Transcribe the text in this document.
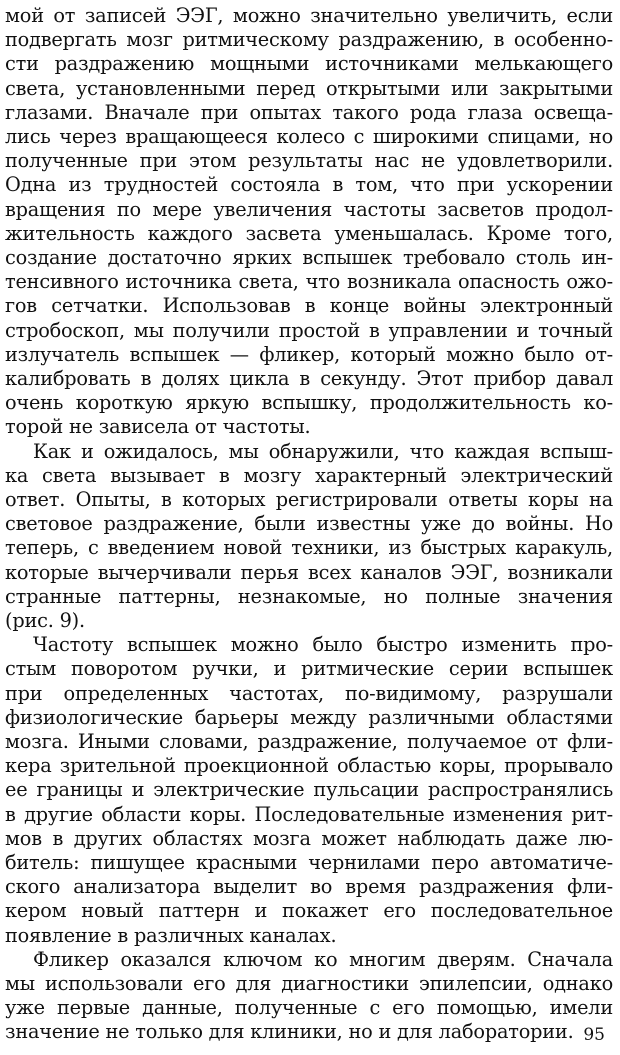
95
мой от записей ЭЭГ, можно значительно увеличить, если
подвергать мозг ритмическому раздражению, в особенно-
сти раздражению мощными источниками мелькающего
света, установленными перед открытыми или закрытыми
глазами. Вначале при опытах такого рода глаза освеща-
лись через вращающееся колесо с широкими спицами, но
полученные при этом результаты нас не удовлетворили.
Одна из трудностей состояла в том, что при ускорении
вращения по мере увеличения частоты засветов продол-
жительность каждого засвета уменьшалась. Кроме того,
создание достаточно ярких вспышек требовало столь ин-
тенсивного источника света, что возникала опасность ожо-
гов сетчатки. Использовав в конце войны электронный
стробоскоп, мы получили простой в управлении и точный
излучатель вспышек — фликер, который можно было от-
калибровать в долях цикла в секунду. Этот прибор давал
очень короткую яркую вспышку, продолжительность ко-
торой не зависела от частоты.
Как и ожидалось, мы обнаружили, что каждая вспыш-
ка света вызывает в мозгу характерный электрический
ответ. Опыты, в которых регистрировали ответы коры на
световое раздражение, были известны уже до войны. Но
теперь, с введением новой техники, из быстрых каракуль,
которые вычерчивали перья всех каналов ЭЭГ, возникали
странные паттерны, незнакомые, но полные значения
(рис. 9).
Частоту вспышек можно было быстро изменить про-
стым поворотом ручки, и ритмические серии вспышек
при определенных частотах, по-видимому, разрушали
физиологические барьеры между различными областями
мозга. Иными словами, раздражение, получаемое от фли-
кера зрительной проекционной областью коры, прорывало
ее границы и электрические пульсации распространялись
в другие области коры. Последовательные изменения рит-
мов в других областях мозга может наблюдать даже лю-
битель: пишущее красными чернилами перо автоматиче-
ского анализатора выделит во время раздражения фли-
кером новый паттерн и покажет его последовательное
появление в различных каналах.
Фликер оказался ключом ко многим дверям. Сначала
мы использовали его для диагностики эпилепсии, однако
уже первые данные, полученные с его помощью, имели
значение не только для клиники, но и для лаборатории.
